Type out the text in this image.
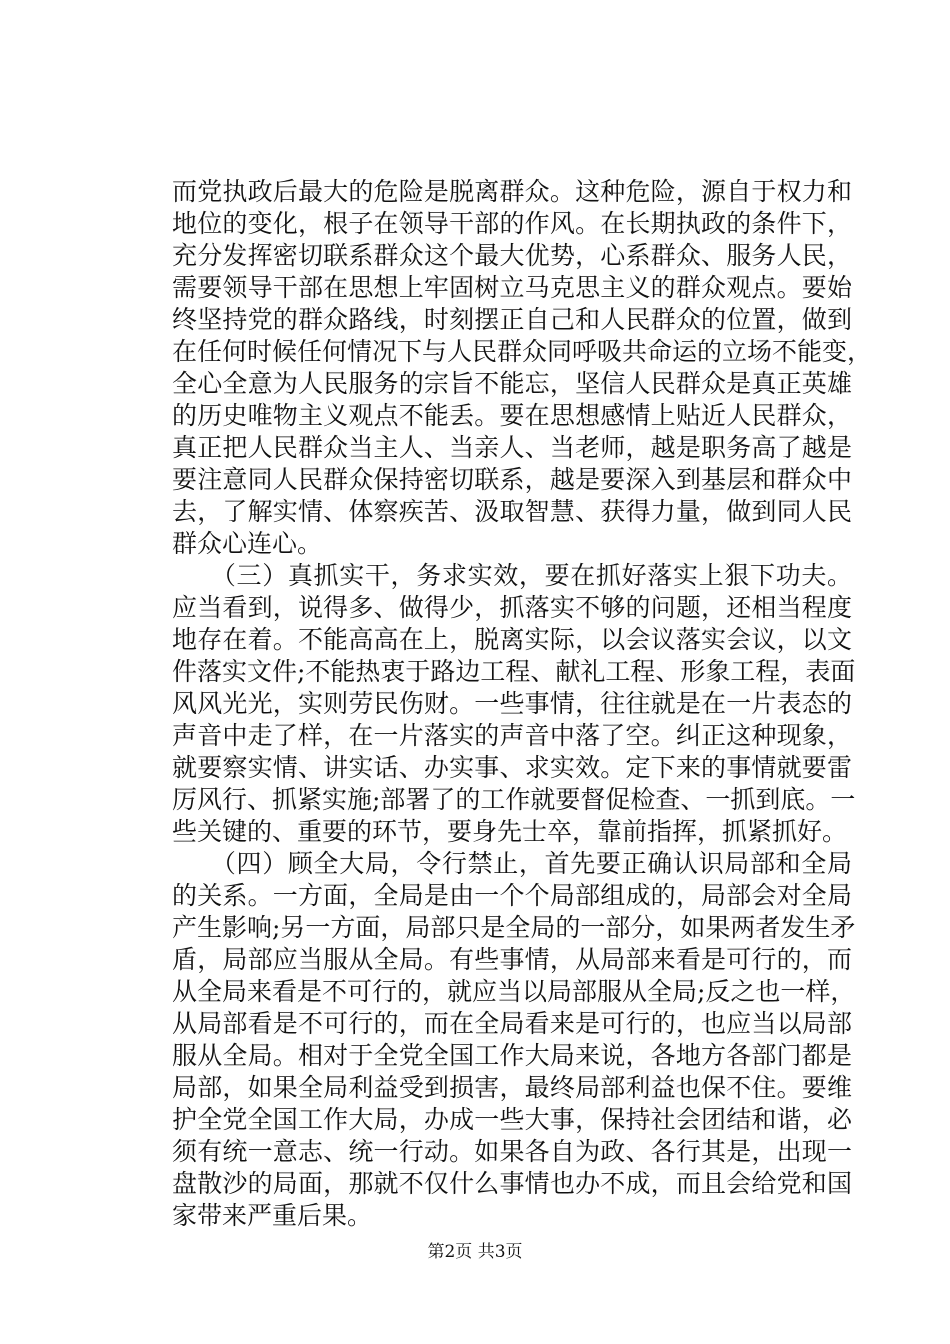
而党执政后最大的危险是脱离群众。这种危险，源自于权力和
地位的变化，根子在领导干部的作风。在长期执政的条件下，
充分发挥密切联系群众这个最大优势，心系群众、服务人民，
需要领导干部在思想上牢固树立马克思主义的群众观点。要始
终坚持党的群众路线，时刻摆正自己和人民群众的位置，做到
在任何时候任何情况下与人民群众同呼吸共命运的立场不能变，
全心全意为人民服务的宗旨不能忘，坚信人民群众是真正英雄
的历史唯物主义观点不能丢。要在思想感情上贴近人民群众，
真正把人民群众当主人、当亲人、当老师，越是职务高了越是
要注意同人民群众保持密切联系，越是要深入到基层和群众中
去，了解实情、体察疾苦、汲取智慧、获得力量，做到同人民
群众心连心。
　　（三）真抓实干，务求实效，要在抓好落实上狠下功夫。
应当看到，说得多、做得少，抓落实不够的问题，还相当程度
地存在着。不能高高在上，脱离实际，以会议落实会议，以文
件落实文件;不能热衷于路边工程、献礼工程、形象工程，表面
风风光光，实则劳民伤财。一些事情，往往就是在一片表态的
声音中走了样，在一片落实的声音中落了空。纠正这种现象，
就要察实情、讲实话、办实事、求实效。定下来的事情就要雷
厉风行、抓紧实施;部署了的工作就要督促检查、一抓到底。一
些关键的、重要的环节，要身先士卒，靠前指挥，抓紧抓好。
　　（四）顾全大局，令行禁止，首先要正确认识局部和全局
的关系。一方面，全局是由一个个局部组成的，局部会对全局
产生影响;另一方面，局部只是全局的一部分，如果两者发生矛
盾，局部应当服从全局。有些事情，从局部来看是可行的，而
从全局来看是不可行的，就应当以局部服从全局;反之也一样，
从局部看是不可行的，而在全局看来是可行的，也应当以局部
服从全局。相对于全党全国工作大局来说，各地方各部门都是
局部，如果全局利益受到损害，最终局部利益也保不住。要维
护全党全国工作大局，办成一些大事，保持社会团结和谐，必
须有统一意志、统一行动。如果各自为政、各行其是，出现一
盘散沙的局面，那就不仅什么事情也办不成，而且会给党和国
家带来严重后果。
第2页 共3页
